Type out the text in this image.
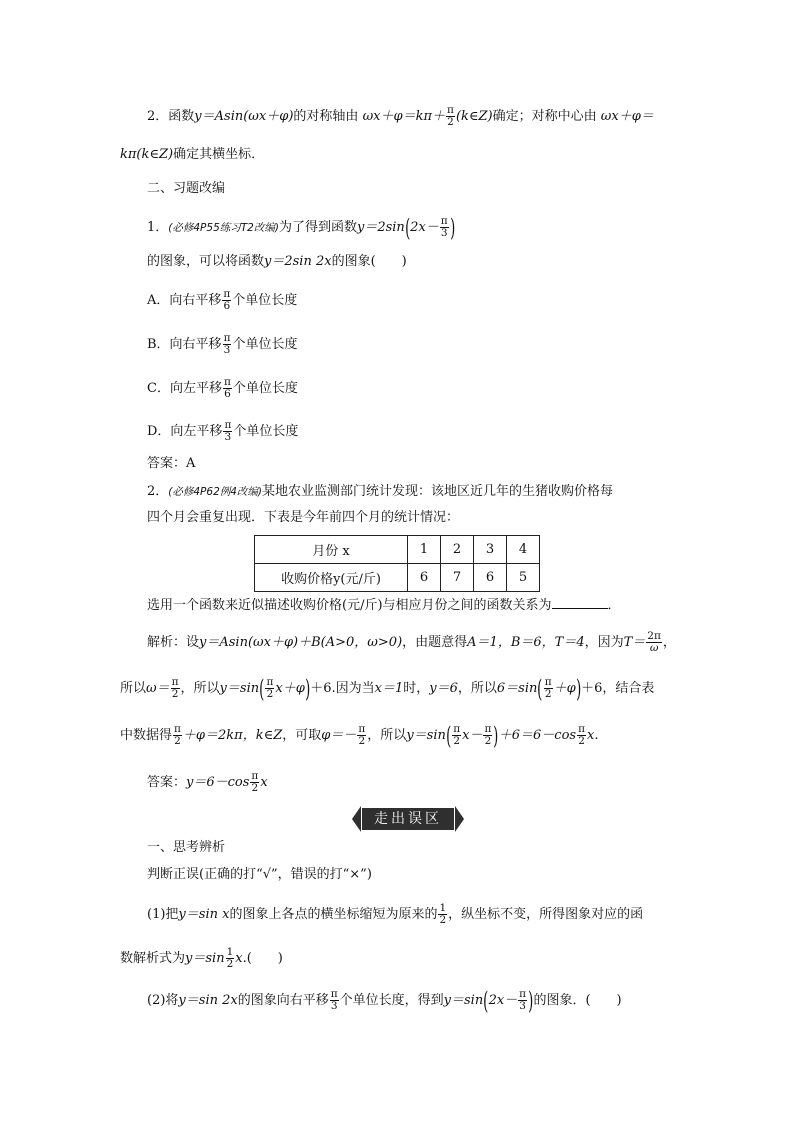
2．函数y＝Asin(ωx＋φ)的对称轴由 $\omega x+\varphi=k\pi+ \frac{\pi}{2}$ (k∈Z)确定；对称中心由 ωx＋φ＝
kπ(k∈Z)确定其横坐标．
二、习题改编
1．(必修4P55练习T2改编)为了得到函数$y=2\sin(2x- \frac{\pi}{3}$ )
的图象，可以将函数y＝2sin 2x的图象(　　)
A．向右平移 $\frac{\pi}{6}$ 个单位长度
B．向右平移 $\frac{\pi}{3}$ 个单位长度
C．向左平移 $\frac{\pi}{6}$ 个单位长度
D．向左平移 $\frac{\pi}{3}$ 个单位长度
答案：A
2．(必修4P62例4改编)某地农业监测部门统计发现：该地区近几年的生猪收购价格每
四个月会重复出现．下表是今年前四个月的统计情况：
月份 x	1	2	3	4
收购价格y(元/斤)	6	7	6	5
选用一个函数来近似描述收购价格(元/斤)与相应月份之间的函数关系为	．
解析：设y＝Asin(ωx＋φ)＋B(A>0，ω>0)，由题意得A＝1，B＝6，T＝4，因为$T= \frac{2\pi}{\omega}$ ，
所以$\omega= \frac{\pi}{2}$ ，所以$y=\sin( \frac{\pi}{2} x+\varphi)+6$.因为当x＝1时，y＝6，所以$6=\sin( \frac{\pi}{2} +\varphi)+6$，结合表
中数据得 $\frac{\pi}{2} +\varphi=2k\pi$，k∈Z，可取$\varphi=- \frac{\pi}{2}$ ，所以$y=\sin( \frac{\pi}{2} x- \frac{\pi}{2} )+6=6-\cos \frac{\pi}{2} x$.
答案：$y=6-\cos \frac{\pi}{2}$ x
走出误区
一、思考辨析
判断正误(正确的打“√”，错误的打“×”)
(1)把y＝sin x的图象上各点的横坐标缩短为原来的 $\frac{1}{2}$ ，纵坐标不变，所得图象对应的函
数解析式为$y=\sin \frac{1}{2} x$.(　　)
(2)将y＝sin 2x的图象向右平移 $\frac{\pi}{3}$ 个单位长度，得到$y=\sin(2x- \frac{\pi}{3}$ )的图象．(　　)
